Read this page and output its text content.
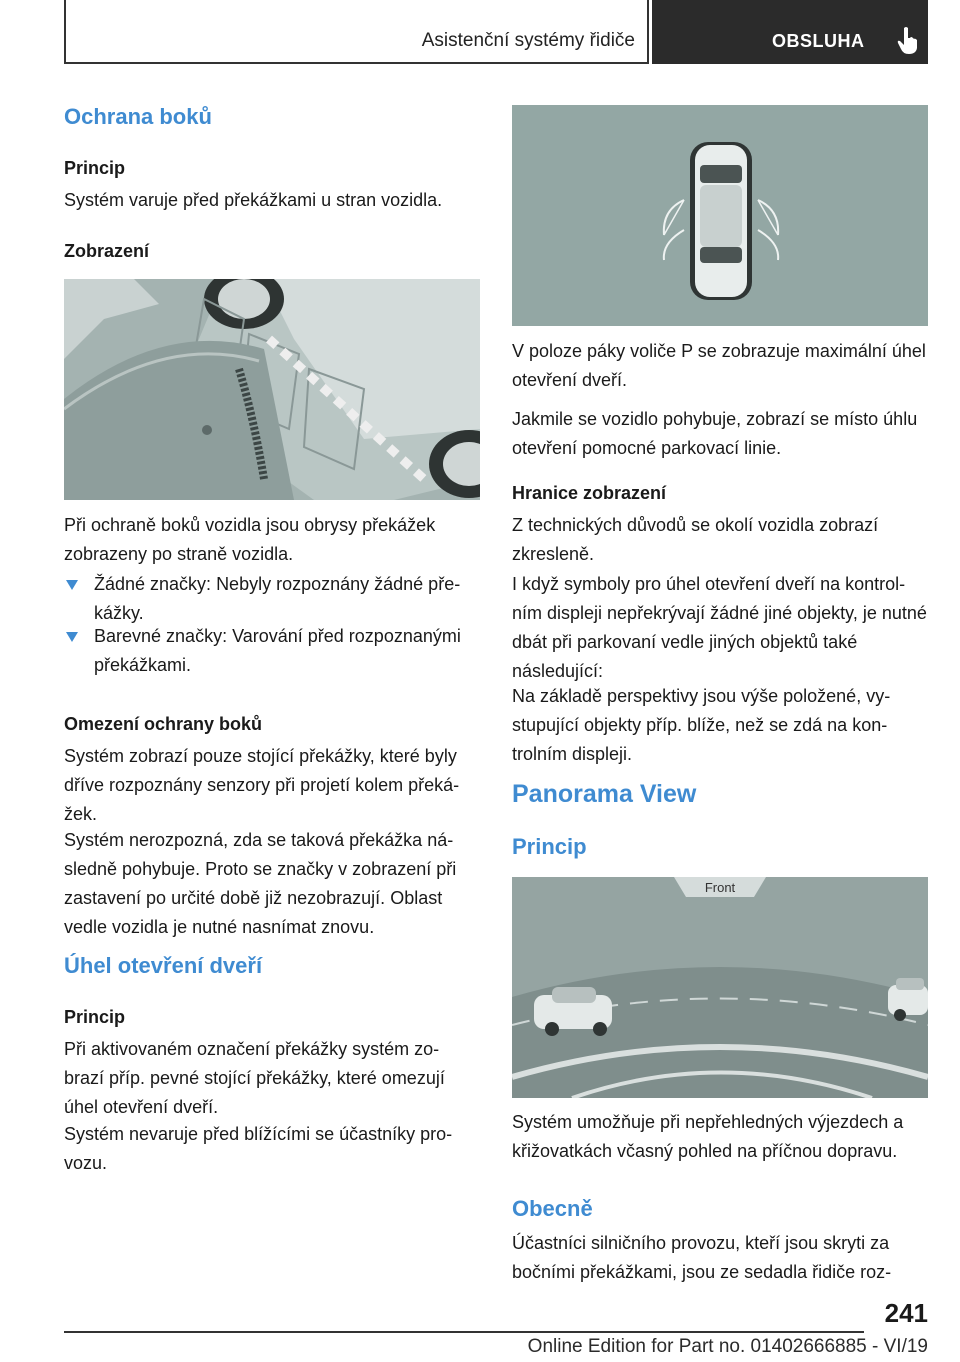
Asistenční systémy řidiče	OBSLUHA
Ochrana boků
Princip
Systém varuje před překážkami u stran vozidla.
Zobrazení
Při ochraně boků vozidla jsou obrysy překážek zobrazeny po straně vozidla.
Žádné značky: Nebyly rozpoznány žádné pře‐ kážky.
Barevné značky: Varování před rozpoznanými překážkami.
Omezení ochrany boků
Systém zobrazí pouze stojící překážky, které byly dříve rozpoznány senzory při projetí kolem překá‐ žek.
Systém nerozpozná, zda se taková překážka ná‐ sledně pohybuje. Proto se značky v zobrazení při zastavení po určité době již nezobrazují. Oblast vedle vozidla je nutné nasnímat znovu.
Úhel otevření dveří
Princip
Při aktivovaném označení překážky systém zo‐ brazí příp. pevné stojící překážky, které omezují úhel otevření dveří.
Systém nevaruje před blížícími se účastníky pro‐ vozu.
V poloze páky voliče P se zobrazuje maximální úhel otevření dveří.
Jakmile se vozidlo pohybuje, zobrazí se místo úhlu otevření pomocné parkovací linie.
Hranice zobrazení
Z technických důvodů se okolí vozidla zobrazí zkresleně.
I když symboly pro úhel otevření dveří na kontrol‐ ním displeji nepřekrývají žádné jiné objekty, je nutné dbát při parkovaní vedle jiných objektů také následující:
Na základě perspektivy jsou výše položené, vy‐ stupující objekty příp. blíže, než se zdá na kon‐ trolním displeji.
Panorama View
Princip
Front
Systém umožňuje při nepřehledných výjezdech a křižovatkách včasný pohled na příčnou dopravu.
Obecně
Účastníci silničního provozu, kteří jsou skryti za bočními překážkami, jsou ze sedadla řidiče roz‐
241
Online Edition for Part no. 01402666885 - VI/19
